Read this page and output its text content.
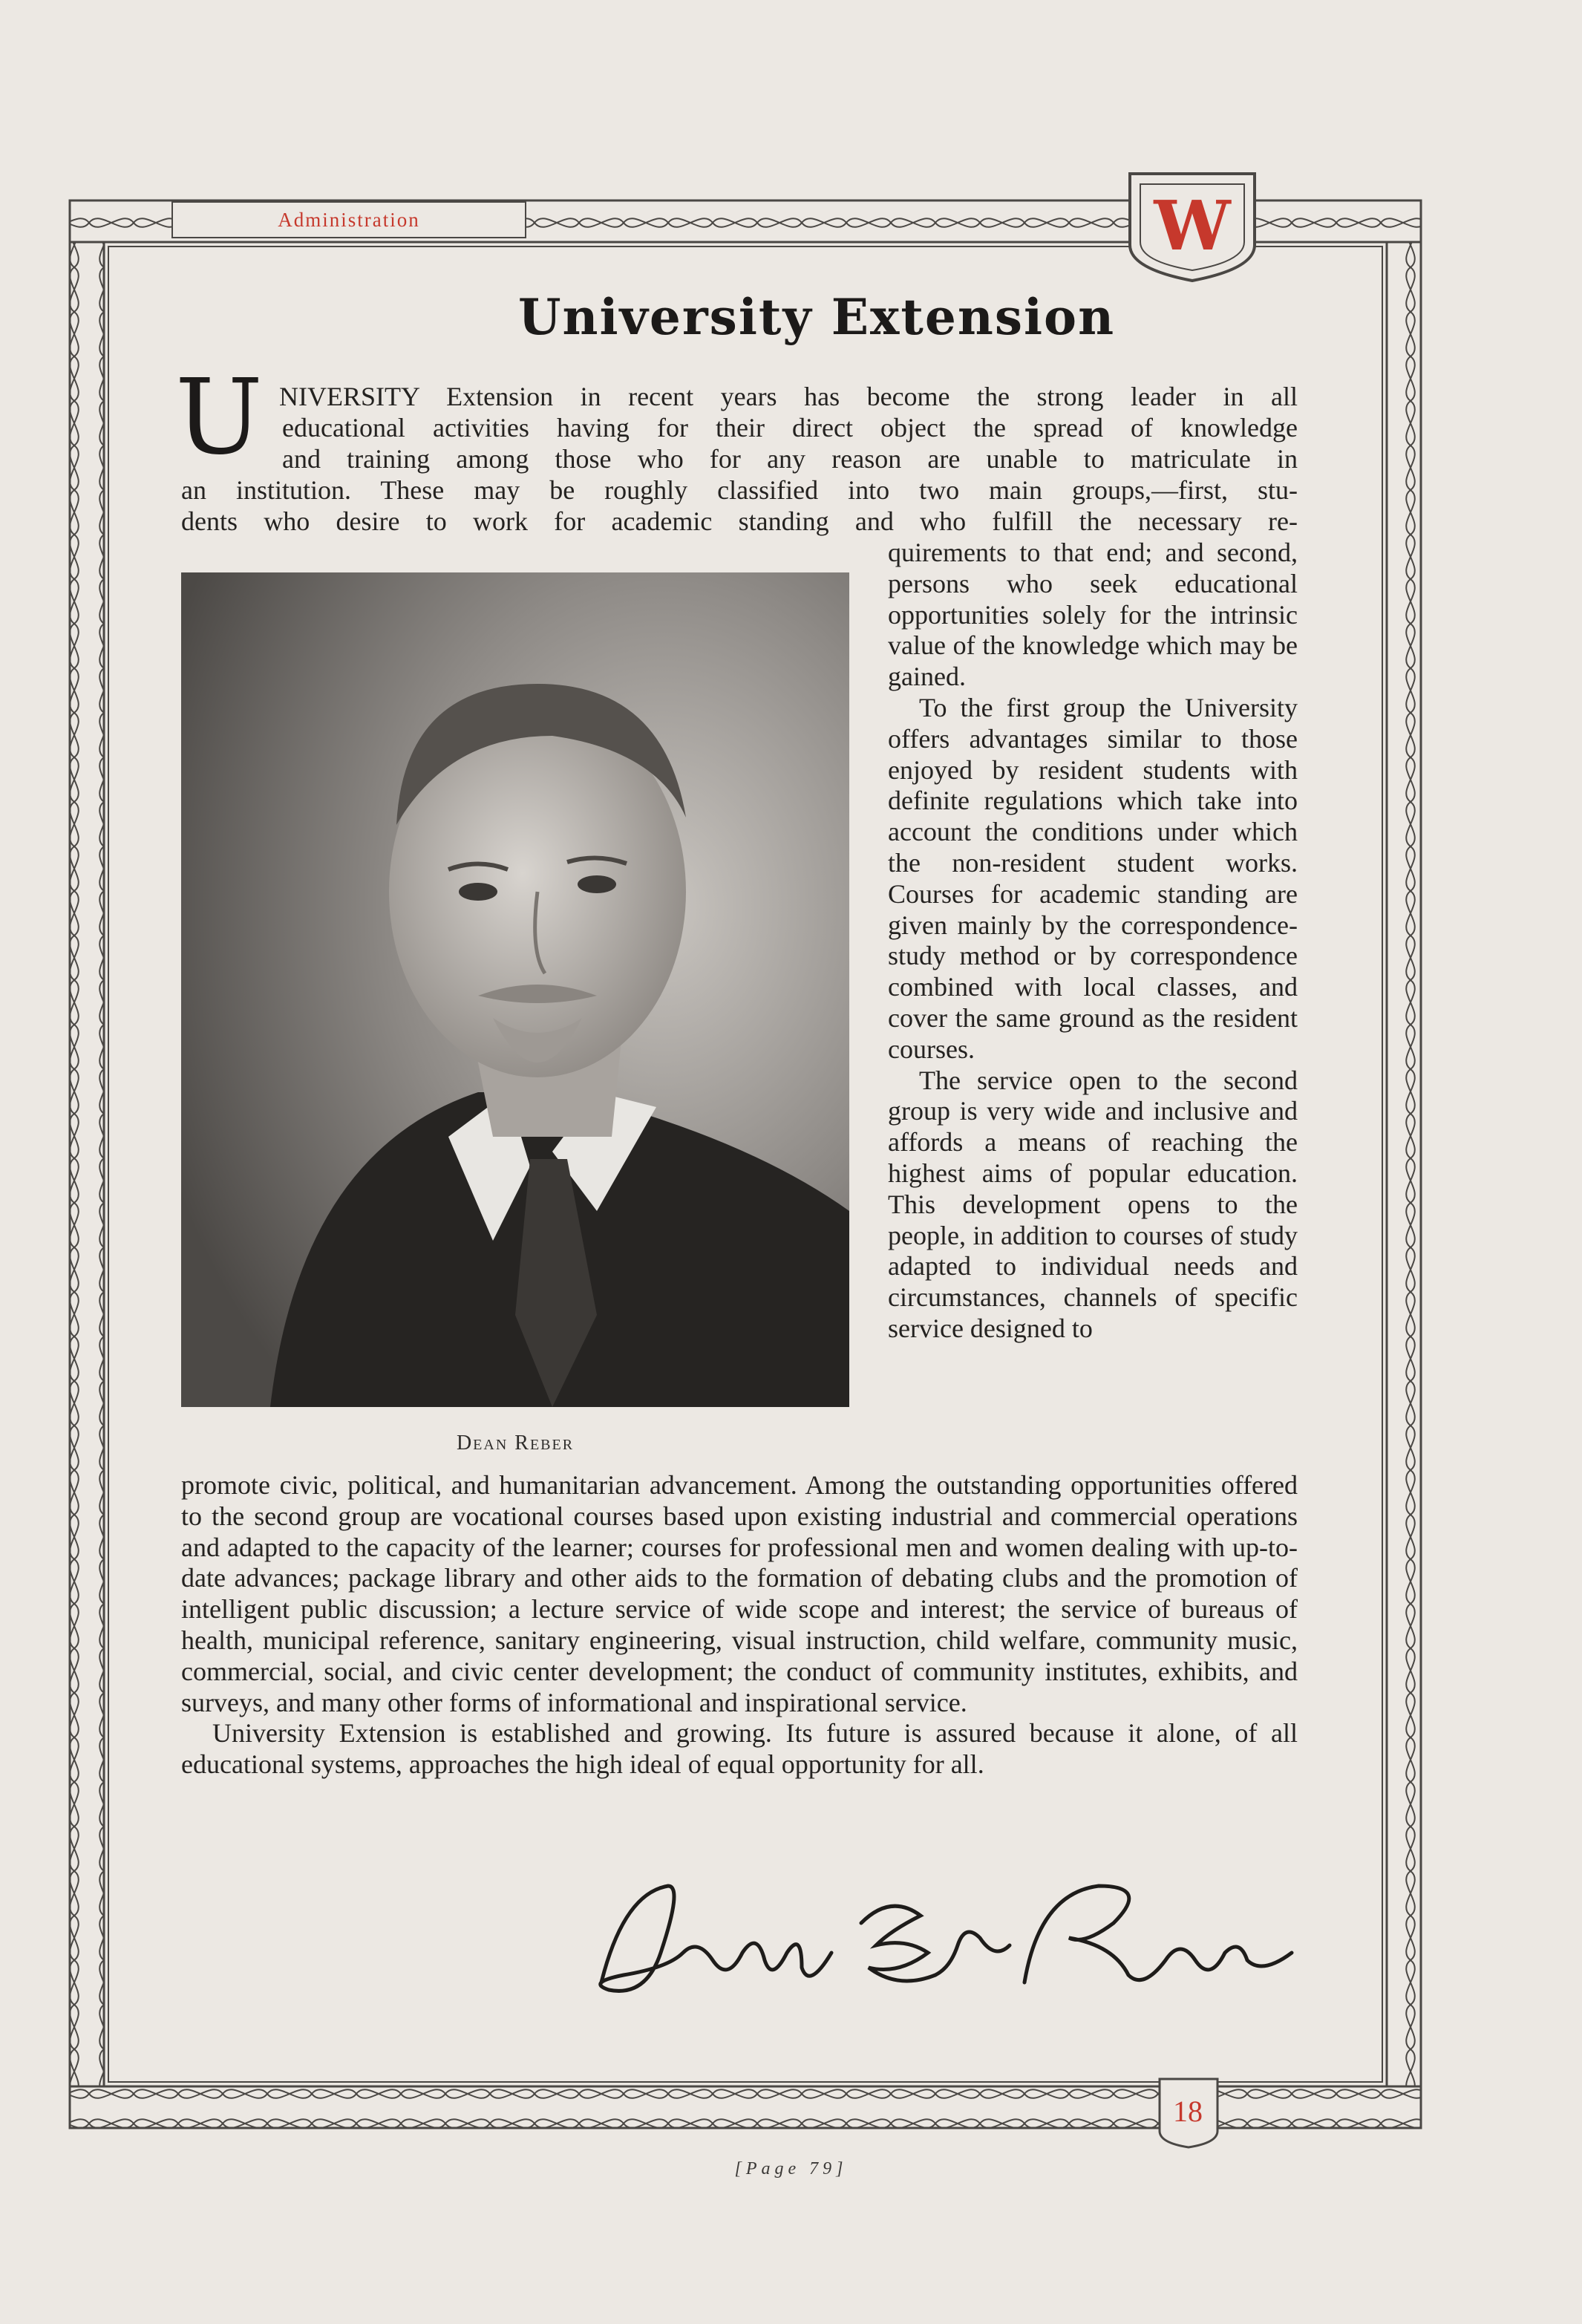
W
Administration
18
University Extension
U NIVERSITY Extension in recent years has become the strong leader in all

educational activities having for their direct object the spread of knowledge

and training among those who for any reason are unable to matriculate in

an institution. These may be roughly classified into two main groups,—first, stu-

dents who desire to work for academic standing and who fulfill the necessary re-

Dean Reber

quirements to that end; and second, persons who seek educational opportunities solely for the intrinsic value of the knowledge which may be gained.

To the first group the University offers advantages similar to those enjoyed by resident students with definite regulations which take into account the conditions under which the non-resident student works. Courses for academic standing are given mainly by the correspondence-study method or by correspondence combined with local classes, and cover the same ground as the resident courses.

The service open to the second group is very wide and inclusive and affords a means of reaching the highest aims of popular education. This development opens to the people, in addition to courses of study adapted to individual needs and circumstances, channels of specific service designed to

promote civic, political, and humanitarian advancement. Among the outstanding opportunities offered to the second group are vocational courses based upon existing industrial and commercial operations and adapted to the capacity of the learner; courses for professional men and women dealing with up-to-date advances; package library and other aids to the formation of debating clubs and the promotion of intelligent public discussion; a lecture service of wide scope and interest; the service of bureaus of health, municipal reference, sanitary engineering, visual instruction, child welfare, community music, commercial, social, and civic center development; the conduct of community institutes, exhibits, and surveys, and many other forms of informational and inspirational service.

University Extension is established and growing. Its future is assured because it alone, of all educational systems, approaches the high ideal of equal opportunity for all.

[Page 79]
